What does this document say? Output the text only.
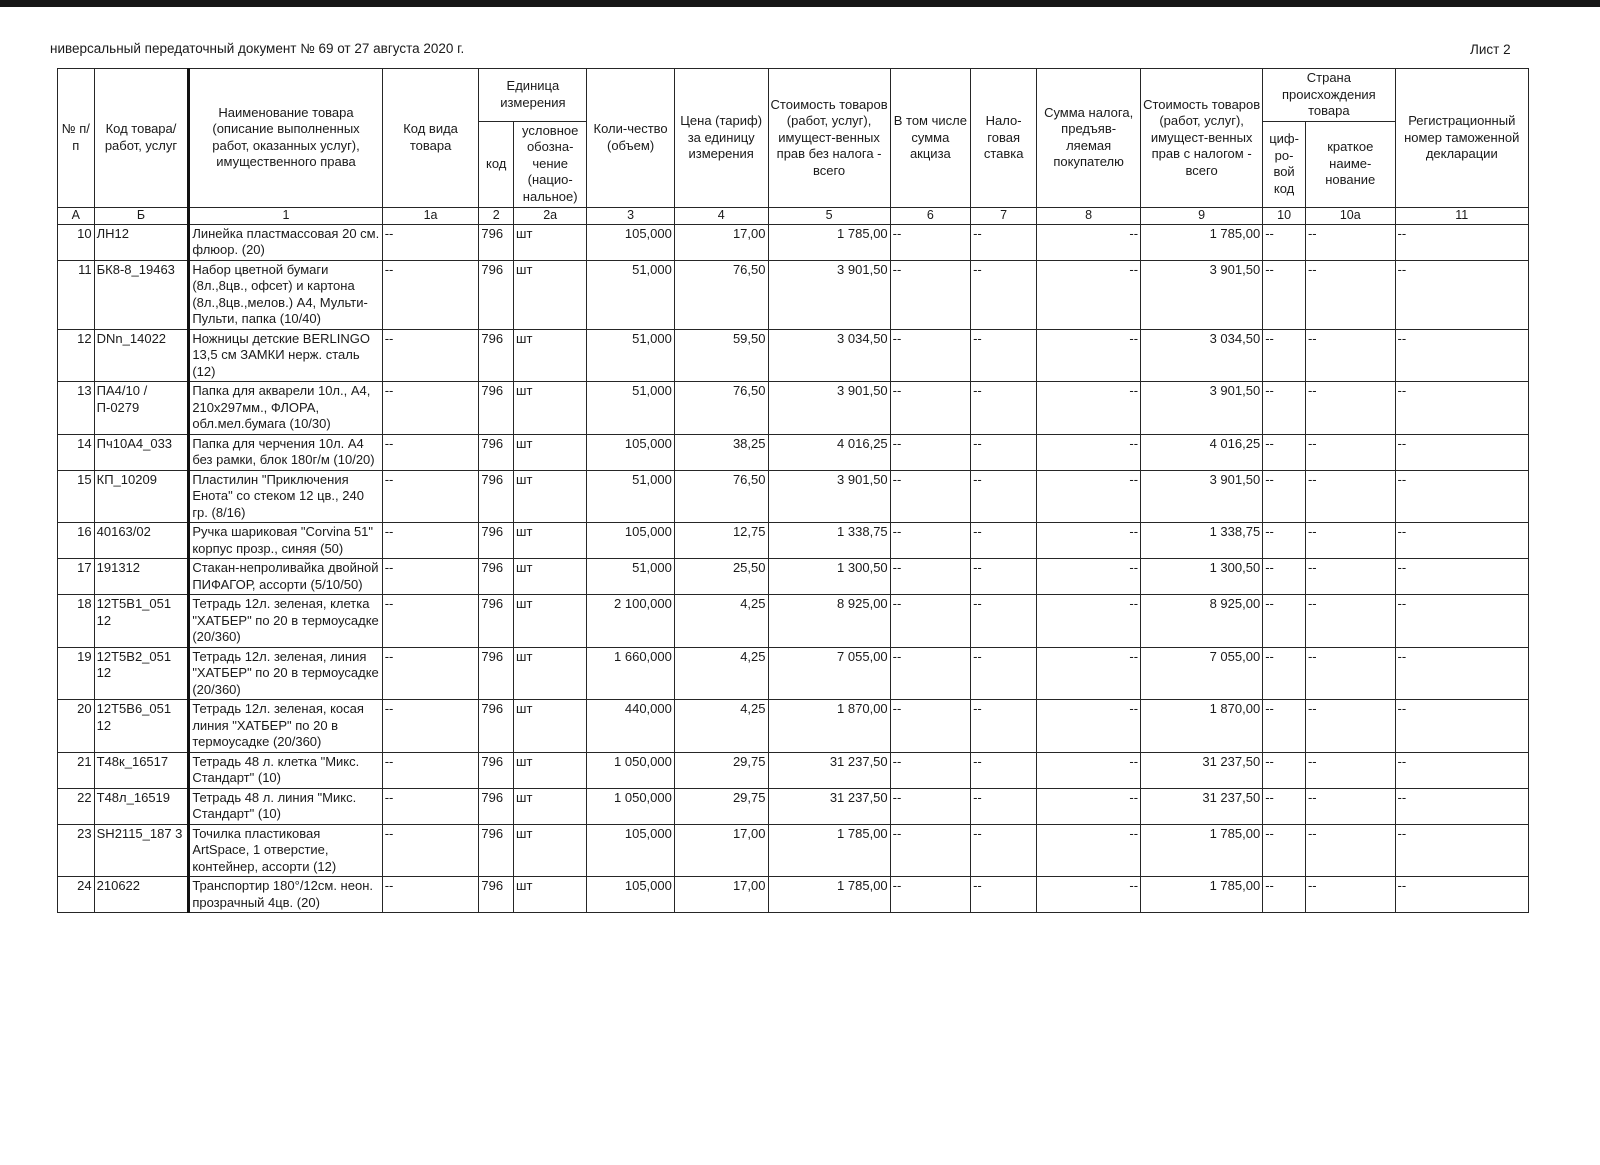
ниверсальный передаточный документ № 69 от 27 августа 2020 г.	Лист 2
№ п/п	Код товара/ работ, услуг	Наименование товара (описание выполненных работ, оказанных услуг), имущественного права	Код вида товара	Единица измерения		Коли-чество (объем)	Цена (тариф) за единицу измерения	Стоимость товаров (работ, услуг), имущест-венных прав без налога - всего	В том числе сумма акциза	Нало-говая ставка	Сумма налога, предъяв-ляемая покупателю	Стоимость товаров (работ, услуг), имущест-венных прав с налогом - всего	Страна происхождения товара		Регистрационный номер таможенной декларации
				код	условное обозна-чение (нацио-нальное)								циф-ро-вой код	краткое наиме-нование	
А	Б	1	1а	2	2а	3	4	5	6	7	8	9	10	10а	11
10	ЛН12	Линейка пластмассовая 20 см. флюор. (20)	--	796	шт	105,000	17,00	1 785,00	--	--	--	1 785,00	--	--	--
11	БК8-8_19463	Набор цветной бумаги (8л.,8цв., офсет) и картона (8л.,8цв.,мелов.) А4, Мульти-Пульти, папка (10/40)	--	796	шт	51,000	76,50	3 901,50	--	--	--	3 901,50	--	--	--
12	DNn_14022	Ножницы детские BERLINGO 13,5 см ЗАМКИ нерж. сталь (12)	--	796	шт	51,000	59,50	3 034,50	--	--	--	3 034,50	--	--	--
13	ПА4/10 / П-0279	Папка для акварели 10л., А4, 210х297мм., ФЛОРА, обл.мел.бумага (10/30)	--	796	шт	51,000	76,50	3 901,50	--	--	--	3 901,50	--	--	--
14	Пч10А4_033	Папка для черчения 10л. А4 без рамки, блок 180г/м (10/20)	--	796	шт	105,000	38,25	4 016,25	--	--	--	4 016,25	--	--	--
15	КП_10209	Пластилин "Приключения Енота" со стеком 12 цв., 240 гр. (8/16)	--	796	шт	51,000	76,50	3 901,50	--	--	--	3 901,50	--	--	--
16	40163/02	Ручка шариковая "Corvina 51" корпус прозр., синяя (50)	--	796	шт	105,000	12,75	1 338,75	--	--	--	1 338,75	--	--	--
17	191312	Стакан-непроливайка двойной ПИФАГОР, ассорти (5/10/50)	--	796	шт	51,000	25,50	1 300,50	--	--	--	1 300,50	--	--	--
18	12Т5В1_051 12	Тетрадь 12л. зеленая, клетка "ХАТБЕР" по 20 в термоусадке (20/360)	--	796	шт	2 100,000	4,25	8 925,00	--	--	--	8 925,00	--	--	--
19	12Т5В2_051 12	Тетрадь 12л. зеленая, линия "ХАТБЕР" по 20 в термоусадке (20/360)	--	796	шт	1 660,000	4,25	7 055,00	--	--	--	7 055,00	--	--	--
20	12Т5В6_051 12	Тетрадь 12л. зеленая, косая линия "ХАТБЕР" по 20 в термоусадке (20/360)	--	796	шт	440,000	4,25	1 870,00	--	--	--	1 870,00	--	--	--
21	Т48к_16517	Тетрадь 48 л. клетка "Микс. Стандарт" (10)	--	796	шт	1 050,000	29,75	31 237,50	--	--	--	31 237,50	--	--	--
22	Т48л_16519	Тетрадь 48 л. линия "Микс. Стандарт" (10)	--	796	шт	1 050,000	29,75	31 237,50	--	--	--	31 237,50	--	--	--
23	SH2115_187 3	Точилка пластиковая ArtSpace, 1 отверстие, контейнер, ассорти (12)	--	796	шт	105,000	17,00	1 785,00	--	--	--	1 785,00	--	--	--
24	210622	Транспортир 180°/12см. неон. прозрачный 4цв. (20)	--	796	шт	105,000	17,00	1 785,00	--	--	--	1 785,00	--	--	--
